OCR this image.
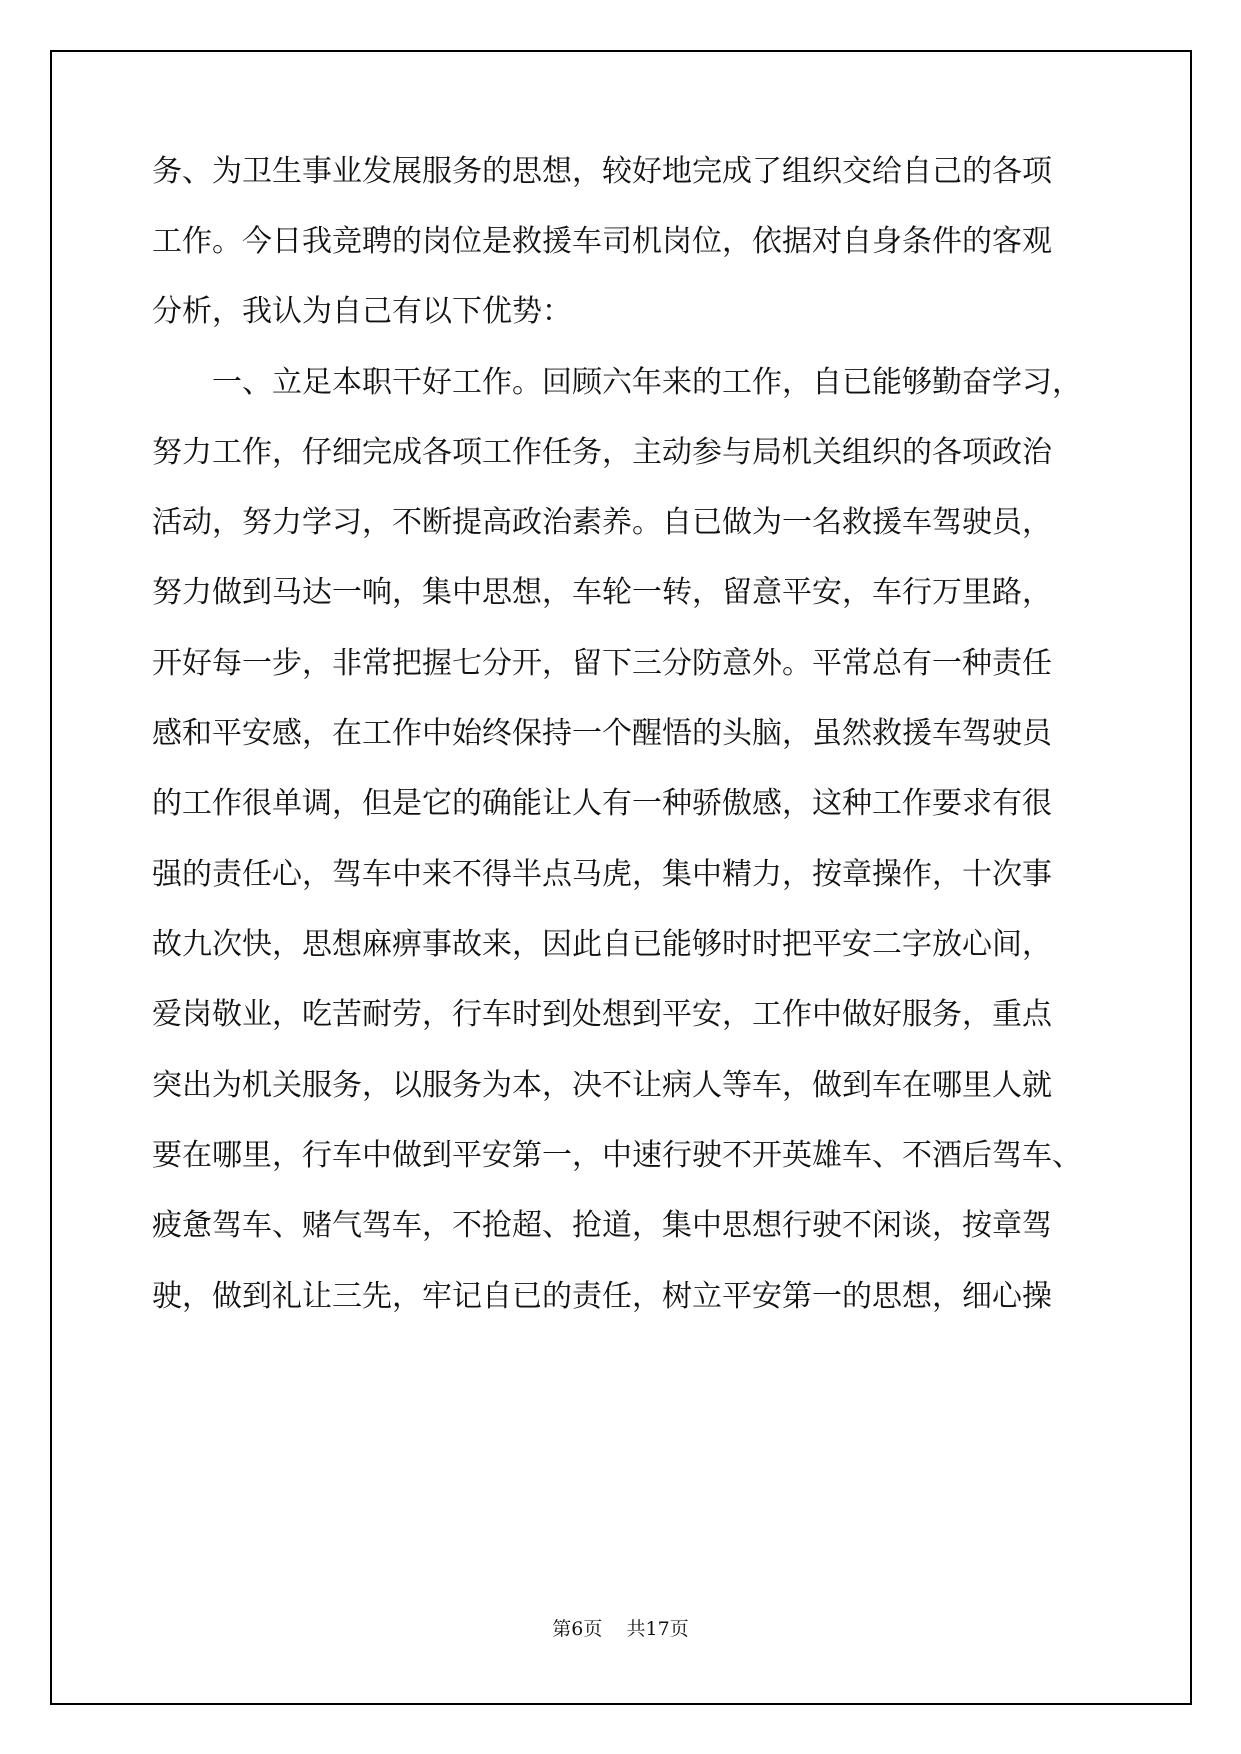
务、为卫生事业发展服务的思想，较好地完成了组织交给自己的各项
工作。今日我竞聘的岗位是救援车司机岗位，依据对自身条件的客观
分析，我认为自己有以下优势：
　　一、立足本职干好工作。回顾六年来的工作，自已能够勤奋学习，
努力工作，仔细完成各项工作任务，主动参与局机关组织的各项政治
活动，努力学习，不断提高政治素养。自已做为一名救援车驾驶员，
努力做到马达一响，集中思想，车轮一转，留意平安，车行万里路，
开好每一步，非常把握七分开，留下三分防意外。平常总有一种责任
感和平安感，在工作中始终保持一个醒悟的头脑，虽然救援车驾驶员
的工作很单调，但是它的确能让人有一种骄傲感，这种工作要求有很
强的责任心，驾车中来不得半点马虎，集中精力，按章操作，十次事
故九次快，思想麻痹事故来，因此自已能够时时把平安二字放心间，
爱岗敬业，吃苦耐劳，行车时到处想到平安，工作中做好服务，重点
突出为机关服务，以服务为本，决不让病人等车，做到车在哪里人就
要在哪里，行车中做到平安第一，中速行驶不开英雄车、不酒后驾车、
疲惫驾车、赌气驾车，不抢超、抢道，集中思想行驶不闲谈，按章驾
驶，做到礼让三先，牢记自已的责任，树立平安第一的思想，细心操
第6页    共17页
